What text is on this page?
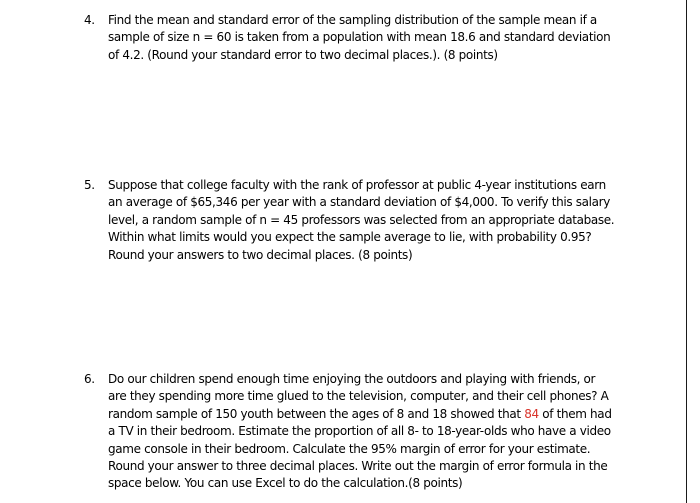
4. Find the mean and standard error of the sampling distribution of the sample mean if a
sample of size n = 60 is taken from a population with mean 18.6 and standard deviation
of 4.2. (Round your standard error to two decimal places.). (8 points)
5. Suppose that college faculty with the rank of professor at public 4-year institutions earn
an average of $65,346 per year with a standard deviation of $4,000. To verify this salary
level, a random sample of n = 45 professors was selected from an appropriate database.
Within what limits would you expect the sample average to lie, with probability 0.95?
Round your answers to two decimal places. (8 points)
6. Do our children spend enough time enjoying the outdoors and playing with friends, or
are they spending more time glued to the television, computer, and their cell phones? A
random sample of 150 youth between the ages of 8 and 18 showed that 84 of them had
a TV in their bedroom. Estimate the proportion of all 8- to 18-year-olds who have a video
game console in their bedroom. Calculate the 95% margin of error for your estimate.
Round your answer to three decimal places. Write out the margin of error formula in the
space below. You can use Excel to do the calculation.(8 points)
